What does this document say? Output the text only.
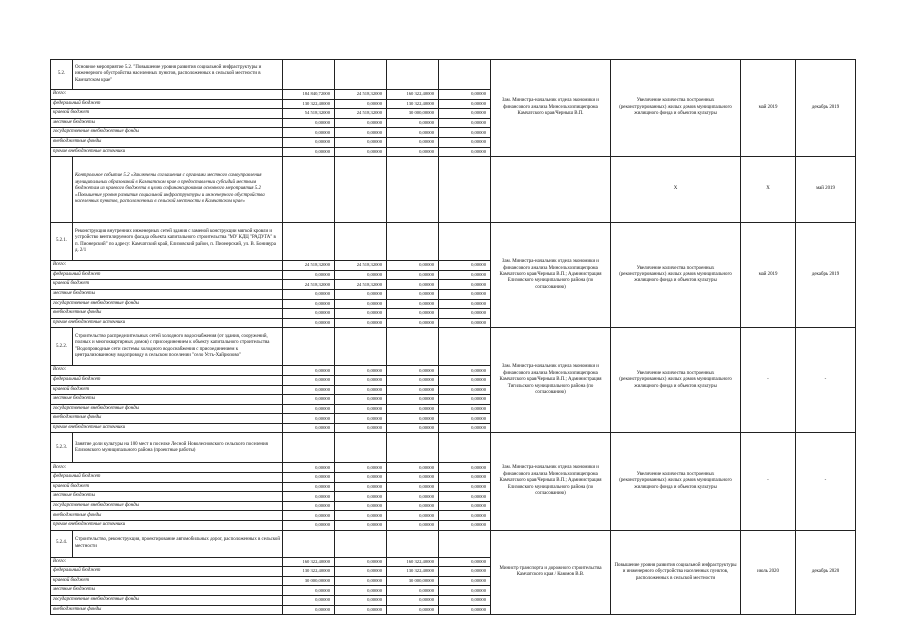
5.2.	Основное мероприятие 5.2. "Повышение уровня развития социальной инфраструктуры и инженерного обустройства населенных пунктов, расположенных в сельской местности в Камчатском крае"					Зам. Министра-начальник отдела экономики и финансового анализа Минсельхозпищепрома Камчатского края/Черныш В.П.	Увеличение количества построенных (реконструированных) жилых домов муниципального жилищного фонда и объектов культуры	май 2019	декабрь 2019
Всего:		184 840,72000	24 518,32000	160 322,40000	0,00000				
федеральный бюджет		130 322,40000	0,00000	130 322,40000	0,00000				
краевой бюджет		54 518,32000	24 518,32000	30 000,00000	0,00000				
местные бюджеты		0,00000	0,00000	0,00000	0,00000				
государственные внебюджетные фонды		0,00000	0,00000	0,00000	0,00000				
внебюджетные фонды		0,00000	0,00000	0,00000	0,00000				
прочие внебюджетные источники		0,00000	0,00000	0,00000	0,00000				
	Контрольное событие 5.2 «Заключены соглашения с органами местного самоуправления муниципальных образований в Камчатском крае о предоставлении субсидий местным бюджетам из краевого бюджета в целях софинансирования основного мероприятия 5.2 «Повышение уровня развития социальной инфраструктуры и инженерного обустройства населенных пунктов, расположенных в сельской местности в Камчатском крае»						Х	Х	май 2019
5.2.1.	Реконструкция внутренних инженерных сетей здания с заменой конструкции мягкой кровли и устройство вентилируемого фасада объекта капитального строительства "МУ КДЦ "РАДУГА" в п. Пионерский" по адресу: Камчатский край, Елизовский район, п. Пионерский, ул. В. Бонивура д. 2/1					Зам. Министра-начальник отдела экономики и финансового анализа Минсельхозпищепрома Камчатского края/Черныш В.П.; Администрация Елизовского муниципального района (по согласованию)	Увеличение количества построенных (реконструированных) жилых домов муниципального жилищного фонда и объектов культуры	май 2019	декабрь 2019
Всего:		24 518,32000	24 518,32000	0,00000	0,00000				
федеральный бюджет		0,00000	0,00000	0,00000	0,00000				
краевой бюджет		24 518,32000	24 518,32000	0,00000	0,00000				
местные бюджеты		0,00000	0,00000	0,00000	0,00000				
государственные внебюджетные фонды		0,00000	0,00000	0,00000	0,00000				
внебюджетные фонды		0,00000	0,00000	0,00000	0,00000				
прочие внебюджетные источники		0,00000	0,00000	0,00000	0,00000				
5.2.2.	Строительство распределительных сетей холодного водоснабжения (от здания, сооружений, полных и многоквартирных домов) с присоединением к объекту капитального строительства "Водопроводные сети системы холодного водоснабжения с присоединением к централизованному водопроводу в сельском поселении "село Усть-Хайрюзово"					Зам. Министра-начальник отдела экономики и финансового анализа Минсельхозпищепрома Камчатского края/Черныш В.П.; Администрация Тигильского муниципального района (по согласованию)	Увеличение количества построенных (реконструированных) жилых домов муниципального жилищного фонда и объектов культуры	-	-
Всего:		0,00000	0,00000	0,00000	0,00000				
федеральный бюджет		0,00000	0,00000	0,00000	0,00000				
краевой бюджет		0,00000	0,00000	0,00000	0,00000				
местные бюджеты		0,00000	0,00000	0,00000	0,00000				
государственные внебюджетные фонды		0,00000	0,00000	0,00000	0,00000				
внебюджетные фонды		0,00000	0,00000	0,00000	0,00000				
прочие внебюджетные источники		0,00000	0,00000	0,00000	0,00000				
5.2.3.	Занятие доли культуры на 100 мест в поселке Лесной Новолесновского сельского поселения Елизовского муниципального района (проектные работы)					Зам. Министра-начальник отдела экономики и финансового анализа Минсельхозпищепрома Камчатского края/Черныш В.П.; Администрация Елизовского муниципального района (по согласованию)	Увеличение количества построенных (реконструированных) жилых домов муниципального жилищного фонда и объектов культуры	-	-
Всего:		0,00000	0,00000	0,00000	0,00000				
федеральный бюджет		0,00000	0,00000	0,00000	0,00000				
краевой бюджет		0,00000	0,00000	0,00000	0,00000				
местные бюджеты		0,00000	0,00000	0,00000	0,00000				
государственные внебюджетные фонды		0,00000	0,00000	0,00000	0,00000				
внебюджетные фонды		0,00000	0,00000	0,00000	0,00000				
прочие внебюджетные источники		0,00000	0,00000	0,00000	0,00000				
5.2.4.	Строительство, реконструкция, проектирование автомобильных дорог, расположенных в сельской местности					Министр транспорта и дорожного строительства Камчатского края / Каюмов В.В.	Повышение уровня развития социальной инфраструктуры и инженерного обустройства населенных пунктов, расположенных в сельской местности	июль 2020	декабрь 2020
Всего:		160 322,40000	0,00000	160 322,40000	0,00000				
федеральный бюджет		130 322,40000	0,00000	130 322,40000	0,00000				
краевой бюджет		30 000,00000	0,00000	30 000,00000	0,00000				
местные бюджеты		0,00000	0,00000	0,00000	0,00000				
государственные внебюджетные фонды		0,00000	0,00000	0,00000	0,00000				
внебюджетные фонды		0,00000	0,00000	0,00000	0,00000				
